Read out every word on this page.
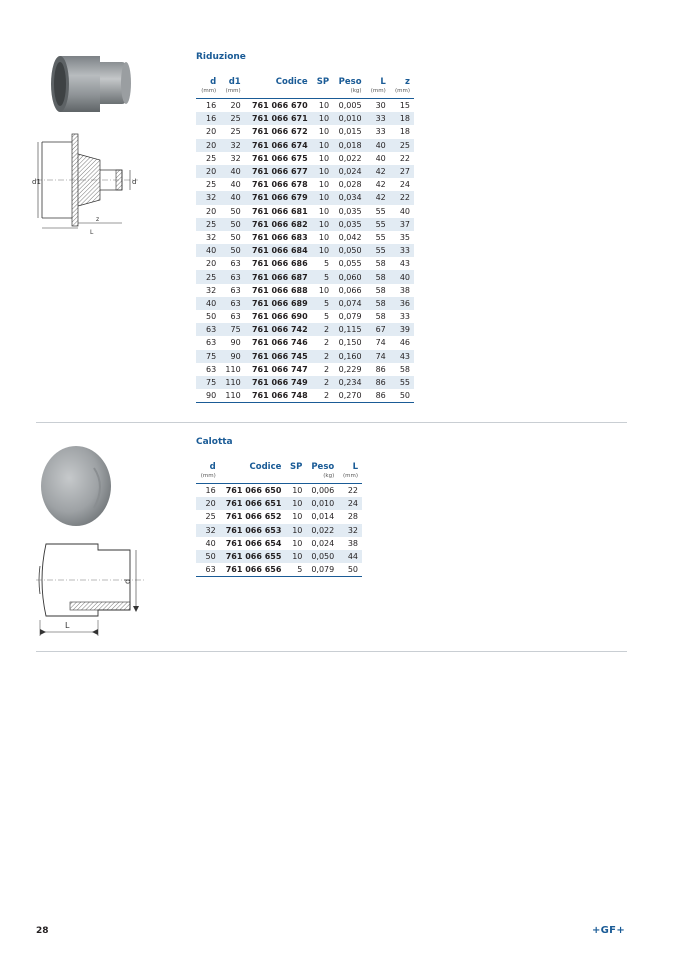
Riduzione
d1	d
z
L
d	d1	Codice	SP	Peso	L	z
(mm)	(mm)			(kg)	(mm)	(mm)
16	20	761 066 670	10	0,005	30	15
16	25	761 066 671	10	0,010	33	18
20	25	761 066 672	10	0,015	33	18
20	32	761 066 674	10	0,018	40	25
25	32	761 066 675	10	0,022	40	22
20	40	761 066 677	10	0,024	42	27
25	40	761 066 678	10	0,028	42	24
32	40	761 066 679	10	0,034	42	22
20	50	761 066 681	10	0,035	55	40
25	50	761 066 682	10	0,035	55	37
32	50	761 066 683	10	0,042	55	35
40	50	761 066 684	10	0,050	55	33
20	63	761 066 686	5	0,055	58	43
25	63	761 066 687	5	0,060	58	40
32	63	761 066 688	10	0,066	58	38
40	63	761 066 689	5	0,074	58	36
50	63	761 066 690	5	0,079	58	33
63	75	761 066 742	2	0,115	67	39
63	90	761 066 746	2	0,150	74	46
75	90	761 066 745	2	0,160	74	43
63	110	761 066 747	2	0,229	86	58
75	110	761 066 749	2	0,234	86	55
90	110	761 066 748	2	0,270	86	50
Calotta
d
L
d	Codice	SP	Peso	L
(mm)			(kg)	(mm)
16	761 066 650	10	0,006	22
20	761 066 651	10	0,010	24
25	761 066 652	10	0,014	28
32	761 066 653	10	0,022	32
40	761 066 654	10	0,024	38
50	761 066 655	10	0,050	44
63	761 066 656	5	0,079	50
28	+GF+
